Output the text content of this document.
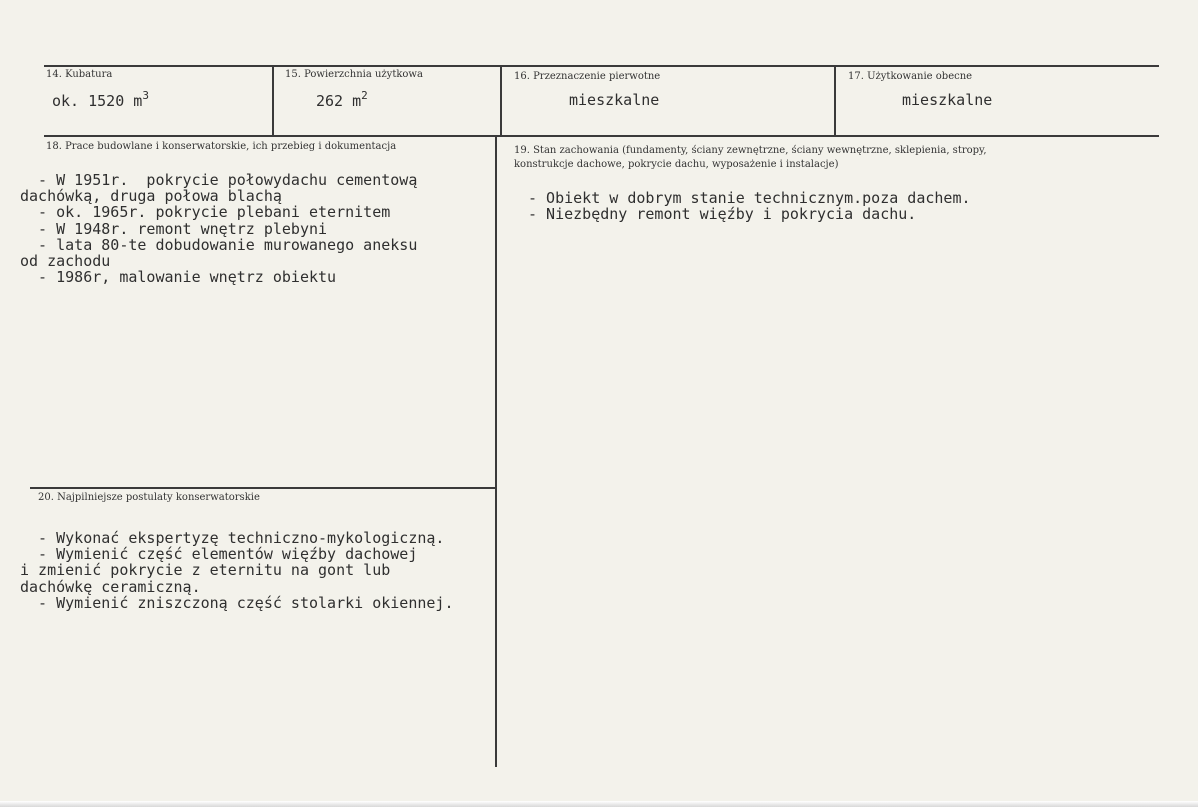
14. Kubatura
ok. 1520 $m^3$
15. Powierzchnia użytkowa
262 $m^2$
16. Przeznaczenie pierwotne
mieszkalne
17. Użytkowanie obecne
mieszkalne
18. Prace budowlane i konserwatorskie, ich przebieg i dokumentacja
- W 1951r.  pokrycie połowydachu cementową
dachówką, druga połowa blachą
- ok. 1965r. pokrycie plebani eternitem
- W 1948r. remont wnętrz plebyni
- lata 80-te dobudowanie murowanego aneksu
od zachodu
- 1986r, malowanie wnętrz obiektu
19. Stan zachowania (fundamenty, ściany zewnętrzne, ściany wewnętrzne, sklepienia, stropy, konstrukcje dachowe, pokrycie dachu, wyposażenie i instalacje)
- Obiekt w dobrym stanie technicznym.poza dachem.
- Niezbędny remont więźby i pokrycia dachu.
20. Najpilniejsze postulaty konserwatorskie
- Wykonać ekspertyzę techniczno-mykologiczną.
- Wymienić część elementów więźby dachowej
i zmienić pokrycie z eternitu na gont lub
dachówkę ceramiczną.
- Wymienić zniszczoną część stolarki okiennej.
